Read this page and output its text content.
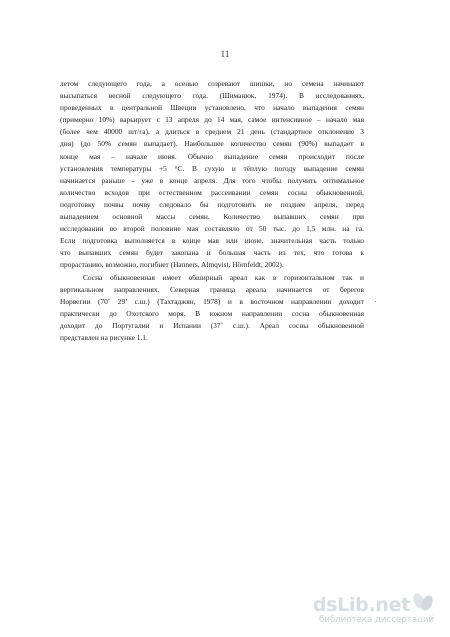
11
летом следующего года, а осенью созревают шишки, но семена начинают
высыпаться весной следующего года. (Шиманюк, 1974). В исследованиях,
проведенных в центральной Швеции установлено, что начало выпадения семян
(примерно 10%) варьирует с 13 апреля до 14 мая, самое интенсивное – начало мая
(более чем 40000 шт/га), а длиться в среднем 21 день (стандартное отклонение 3
дня) (до 50% семян выпадает). Наибольшее количество семян (90%) выпадает в
конце мая – начале июня. Обычно выпадение семян происходит после
установления температуры +5 °С. В сухую и тёплую погоду выпадение семян
начинается раньше – уже в конце апреля. Для того чтобы получить оптимальное
количество всходов при естественном рассеивании семян сосны обыкновенной,
подготовку почвы почву следовало бы подготовить не позднее апреля, перед
выпадением основной массы семян. Количество выпавших семян при
исследовании во второй половине мая составляло от 50 тыс. до 1,5 млн. на га.
Если подготовка выполняется в конце мая или июне, значительная часть только
что выпавших семян будет закопана и большая часть из тех, что готова к
прорастанию, возможно, погибнет (Hanners, Almqvist, Hörnfeldt, 2002).
Сосна обыкновенная имеет обширный ареал как в горизонтальном так и
вертикальном направлениях. Северная граница ареала начинается от берегов
Норвегии (70˚ 29’ с.ш.) (Тахтаджян, 1978) и в восточном направлении доходит
практически до Охотского моря. В южном направлении сосна обыкновенная
доходит до Португалии и Испании (37˚ с.ш.). Ареал сосны обыкновенной
представлен на рисунке 1.1.
dsLib.net
библиотека диссертаций
